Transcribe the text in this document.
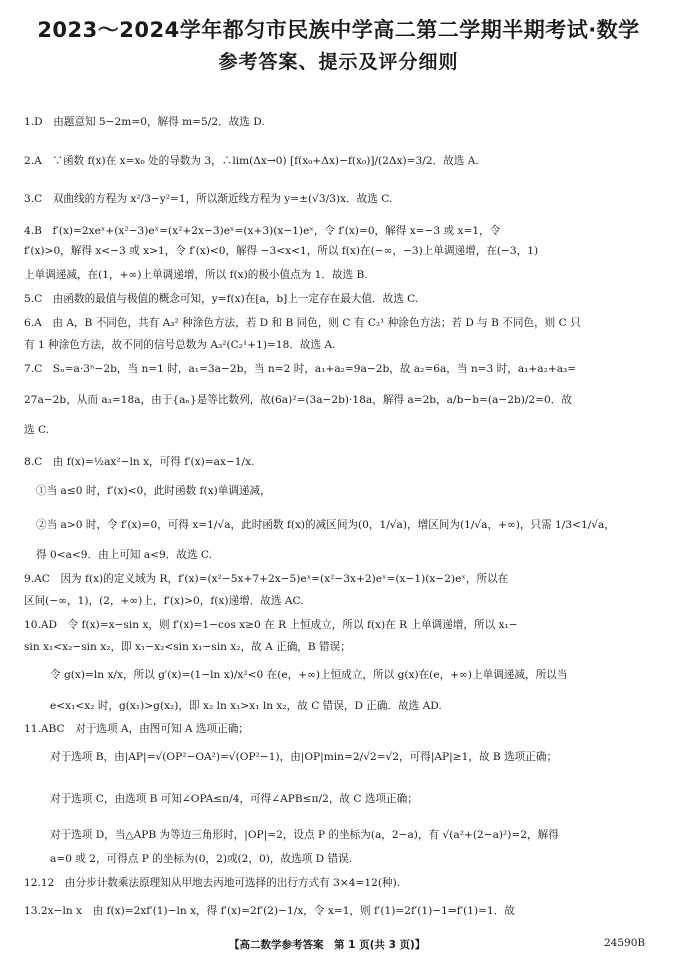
2023～2024学年都匀市民族中学高二第二学期半期考试·数学
参考答案、提示及评分细则
1.D　由题意知 5−2m=0，解得 m=5/2．故选 D.
2.A　∵函数 f(x)在 x=x₀ 处的导数为 3，∴lim(Δx→0) [f(x₀+Δx)−f(x₀)]/(2Δx)=3/2．故选 A.
3.C　双曲线的方程为 x²/3−y²=1，所以渐近线方程为 y=±(√3/3)x．故选 C.
4.B　f′(x)=2xeˣ+(x²−3)eˣ=(x²+2x−3)eˣ=(x+3)(x−1)eˣ，令 f′(x)=0，解得 x=−3 或 x=1，令
f′(x)>0，解得 x<−3 或 x>1，令 f′(x)<0，解得 −3<x<1，所以 f(x)在(−∞，−3)上单调递增，在(−3，1)
上单调递减，在(1，+∞)上单调递增，所以 f(x)的极小值点为 1．故选 B.
5.C　由函数的最值与极值的概念可知，y=f(x)在[a，b]上一定存在最大值．故选 C.
6.A　由 A，B 不同色，共有 A₃² 种涂色方法，若 D 和 B 同色，则 C 有 C₂¹ 种涂色方法；若 D 与 B 不同色，则 C 只
有 1 种涂色方法，故不同的信号总数为 A₃²(C₂¹+1)=18．故选 A.
7.C　Sₙ=a·3ⁿ−2b，当 n=1 时，a₁=3a−2b，当 n=2 时，a₁+a₂=9a−2b，故 a₂=6a，当 n=3 时，a₁+a₂+a₃=
27a−2b，从而 a₃=18a，由于{aₙ}是等比数列，故(6a)²=(3a−2b)·18a，解得 a=2b，a/b−b=(a−2b)/2=0．故
选 C.
8.C　由 f(x)=½ax²−ln x，可得 f′(x)=ax−1/x.
①当 a≤0 时，f′(x)<0，此时函数 f(x)单调递减，
②当 a>0 时，令 f′(x)=0，可得 x=1/√a，此时函数 f(x)的减区间为(0，1/√a)，增区间为(1/√a，+∞)，只需 1/3<1/√a，
得 0<a<9．由上可知 a<9．故选 C.
9.AC　因为 f(x)的定义域为 R，f′(x)=(x²−5x+7+2x−5)eˣ=(x²−3x+2)eˣ=(x−1)(x−2)eˣ，所以在
区间(−∞，1)，(2，+∞)上，f′(x)>0，f(x)递增．故选 AC.
10.AD　令 f(x)=x−sin x，则 f′(x)=1−cos x≥0 在 R 上恒成立，所以 f(x)在 R 上单调递增，所以 x₁−
sin x₁<x₂−sin x₂，即 x₁−x₂<sin x₁−sin x₂，故 A 正确，B 错误；
令 g(x)=ln x/x，所以 g′(x)=(1−ln x)/x²<0 在(e，+∞)上恒成立，所以 g(x)在(e，+∞)上单调递减，所以当
e<x₁<x₂ 时，g(x₁)>g(x₂)，即 x₂ ln x₁>x₁ ln x₂，故 C 错误，D 正确．故选 AD.
11.ABC　对于选项 A，由图可知 A 选项正确；
对于选项 B，由|AP|=√(OP²−OA²)=√(OP²−1)，由|OP|min=2/√2=√2，可得|AP|≥1，故 B 选项正确；
对于选项 C，由选项 B 可知∠OPA≤π/4，可得∠APB≤π/2，故 C 选项正确；
对于选项 D，当△APB 为等边三角形时，|OP|=2，设点 P 的坐标为(a，2−a)，有 √(a²+(2−a)²)=2，解得
a=0 或 2，可得点 P 的坐标为(0，2)或(2，0)，故选项 D 错误.
12.12　由分步计数乘法原理知从甲地去丙地可选择的出行方式有 3×4=12(种).
13.2x−ln x　由 f(x)=2xf′(1)−ln x，得 f′(x)=2f′(2)−1/x，令 x=1，则 f′(1)=2f′(1)−1⇒f′(1)=1．故
【高二数学参考答案　第 1 页(共 3 页)】	24590B
